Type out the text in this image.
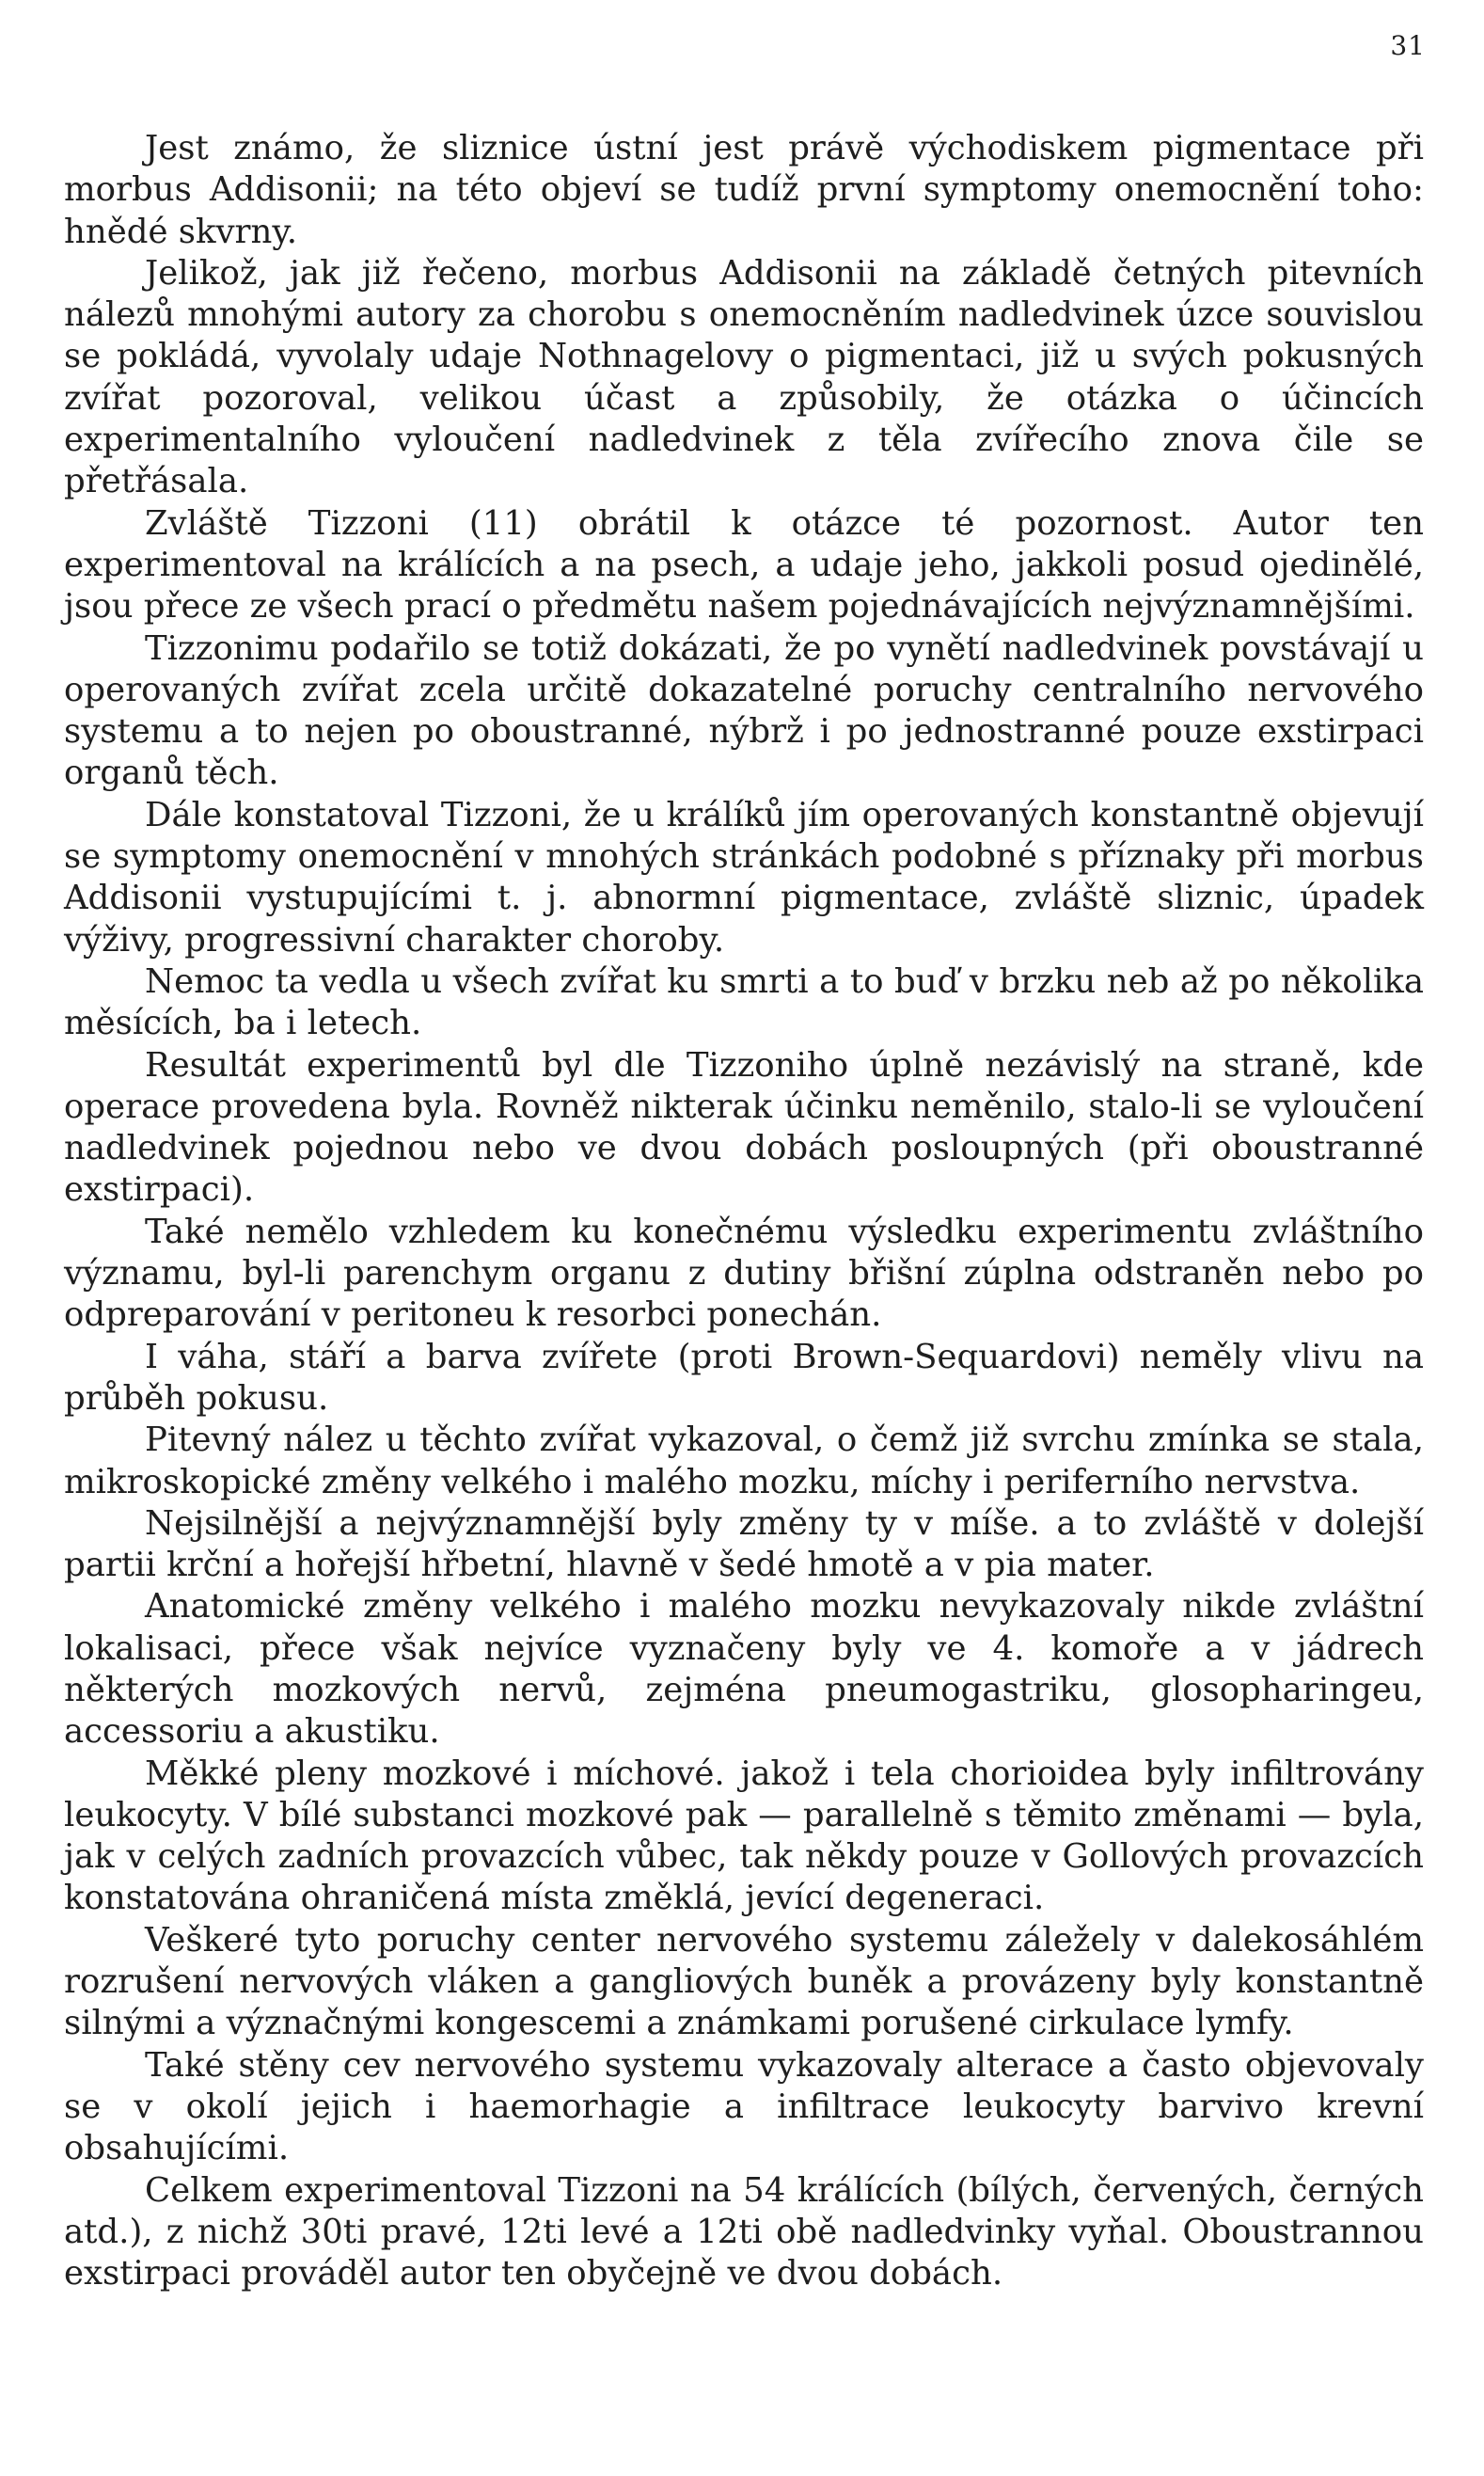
31

Jest známo, že sliznice ústní jest právě východiskem pigmentace při morbus Addisonii; na této objeví se tudíž první symptomy onemocnění toho: hnědé skvrny.

Jelikož, jak již řečeno, morbus Addisonii na základě četných pitevních nálezů mnohými autory za chorobu s onemocněním nadledvinek úzce souvislou se pokládá, vyvolaly udaje Nothnagelovy o pigmentaci, již u svých pokusných zvířat pozoroval, velikou účast a způsobily, že otázka o účincích experimentalního vyloučení nadledvinek z těla zvířecího znova čile se přetřásala.

Zvláště Tizzoni (11) obrátil k otázce té pozornost. Autor ten experimentoval na králících a na psech, a udaje jeho, jakkoli posud ojedinělé, jsou přece ze všech prací o předmětu našem pojednávajících nejvýznamnějšími.

Tizzonimu podařilo se totiž dokázati, že po vynětí nadledvinek povstávají u operovaných zvířat zcela určitě dokazatelné poruchy centralního nervového systemu a to nejen po oboustranné, nýbrž i po jednostranné pouze exstirpaci organů těch.

Dále konstatoval Tizzoni, že u králíků jím operovaných konstantně objevují se symptomy onemocnění v mnohých stránkách podobné s příznaky při morbus Addisonii vystupujícími t. j. abnormní pigmentace, zvláště sliznic, úpadek výživy, progressivní charakter choroby.

Nemoc ta vedla u všech zvířat ku smrti a to buď v brzku neb až po několika měsících, ba i letech.

Resultát experimentů byl dle Tizzoniho úplně nezávislý na straně, kde operace provedena byla. Rovněž nikterak účinku neměnilo, stalo-li se vyloučení nadledvinek pojednou nebo ve dvou dobách posloupných (při oboustranné exstirpaci).

Také nemělo vzhledem ku konečnému výsledku experimentu zvláštního významu, byl-li parenchym organu z dutiny břišní zúplna odstraněn nebo po odpreparování v peritoneu k resorbci ponechán.

I váha, stáří a barva zvířete (proti Brown-Sequardovi) neměly vlivu na průběh pokusu.

Pitevný nález u těchto zvířat vykazoval, o čemž již svrchu zmínka se stala, mikroskopické změny velkého i malého mozku, míchy i periferního nervstva.

Nejsilnější a nejvýznamnější byly změny ty v míše. a to zvláště v dolejší partii krční a hořejší hřbetní, hlavně v šedé hmotě a v pia mater.

Anatomické změny velkého i malého mozku nevykazovaly nikde zvláštní lokalisaci, přece však nejvíce vyznačeny byly ve 4. komoře a v jádrech některých mozkových nervů, zejména pneumogastriku, glosopharingeu, accessoriu a akustiku.

Měkké pleny mozkové i míchové. jakož i tela chorioidea byly infiltrovány leukocyty. V bílé substanci mozkové pak — parallelně s těmito změnami — byla, jak v celých zadních provazcích vůbec, tak někdy pouze v Gollových provazcích konstatována ohraničená místa změklá, jevící degeneraci.

Veškeré tyto poruchy center nervového systemu záležely v dalekosáhlém rozrušení nervových vláken a gangliových buněk a provázeny byly konstantně silnými a význačnými kongescemi a známkami porušené cirkulace lymfy.

Také stěny cev nervového systemu vykazovaly alterace a často objevovaly se v okolí jejich i haemorhagie a infiltrace leukocyty barvivo krevní obsahujícími.

Celkem experimentoval Tizzoni na 54 králících (bílých, červených, černých atd.), z nichž 30ti pravé, 12ti levé a 12ti obě nadledvinky vyňal. Oboustrannou exstirpaci prováděl autor ten obyčejně ve dvou dobách.
